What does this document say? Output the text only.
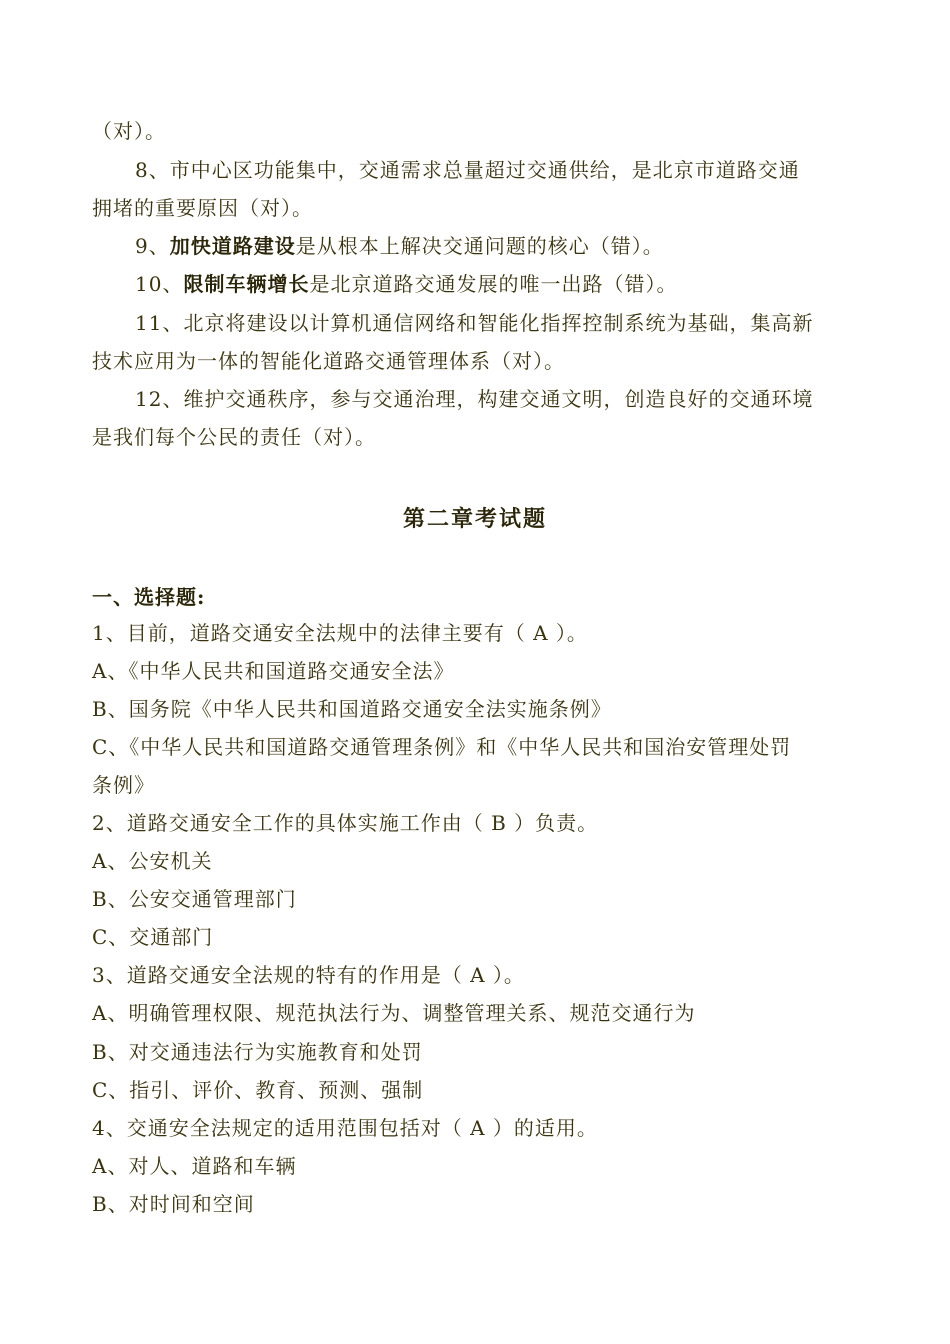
（对）。
8、市中心区功能集中，交通需求总量超过交通供给，是北京市道路交通
拥堵的重要原因（对）。
9、加快道路建设是从根本上解决交通问题的核心（错）。
10、限制车辆增长是北京道路交通发展的唯一出路（错）。
11、北京将建设以计算机通信网络和智能化指挥控制系统为基础，集高新
技术应用为一体的智能化道路交通管理体系（对）。
12、维护交通秩序，参与交通治理，构建交通文明，创造良好的交通环境
是我们每个公民的责任（对）。
第二章考试题
一、选择题:
1、目前，道路交通安全法规中的法律主要有（ A ）。
A、《中华人民共和国道路交通安全法》
B、国务院《中华人民共和国道路交通安全法实施条例》
C、《中华人民共和国道路交通管理条例》和《中华人民共和国治安管理处罚
条例》
2、道路交通安全工作的具体实施工作由（ B ）负责。
A、公安机关
B、公安交通管理部门
C、交通部门
3、道路交通安全法规的特有的作用是（ A ）。
A、明确管理权限、规范执法行为、调整管理关系、规范交通行为
B、对交通违法行为实施教育和处罚
C、指引、评价、教育、预测、强制
4、交通安全法规定的适用范围包括对（ A ）的适用。
A、对人、道路和车辆
B、对时间和空间
